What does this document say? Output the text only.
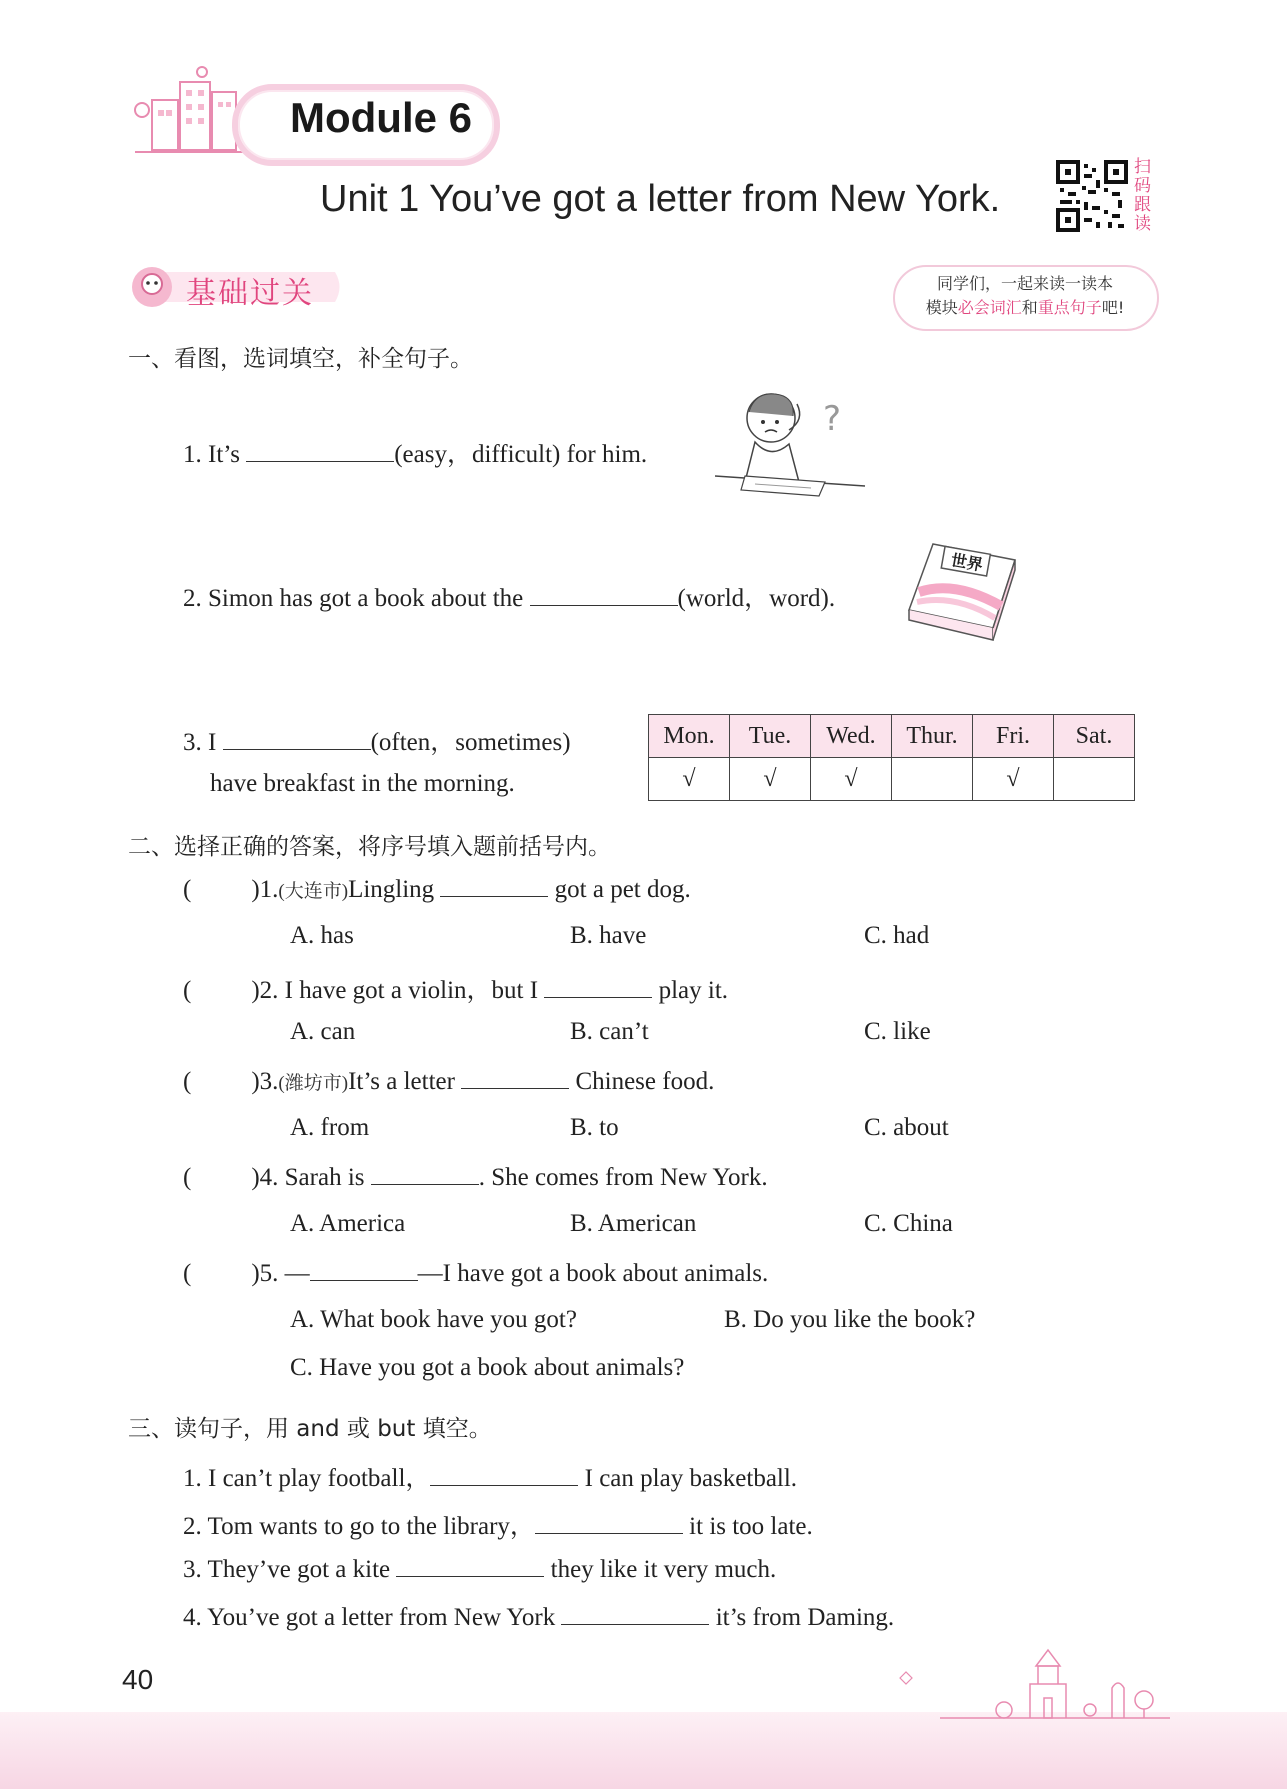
Module 6
Unit 1 You’ve got a letter from New York.
扫码跟读
基础过关	同学们，一起来读一读本
模块必会词汇和重点句子吧!
一、看图，选词填空，补全句子。
1. It’s	(easy，difficult) for him.
?
2. Simon has got a book about the	(world，word).
世界
3. I	(often，sometimes)
have breakfast in the morning.
Mon.	Tue.	Wed.	Thur.	Fri.	Sat.
√	√	√		√	
二、选择正确的答案，将序号填入题前括号内。
( )1.(大连市)Lingling	got a pet dog.
A. has	B. have	C. had
( )2. I have got a violin，but I	play it.
A. can	B. can’t	C. like
( )3.(潍坊市)It’s a letter	Chinese food.
A. from	B. to	C. about
( )4. Sarah is	. She comes from New York.
A. America	B. American	C. China
( )5. —	—I have got a book about animals.
A. What book have you got?	B. Do you like the book?
C. Have you got a book about animals?
三、读句子，用 and 或 but 填空。
1. I can’t play football，	I can play basketball.
2. Tom wants to go to the library，	it is too late.
3. They’ve got a kite	they like it very much.
4. You’ve got a letter from New York	it’s from Daming.
40
